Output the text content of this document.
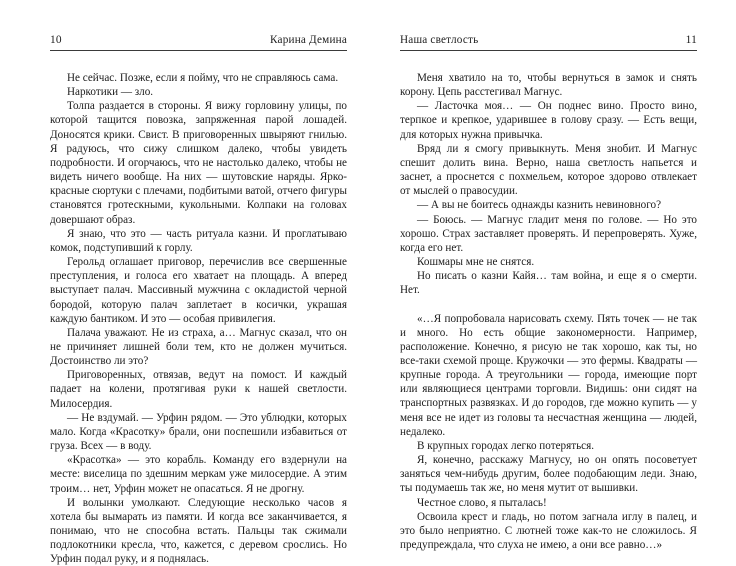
10	Карина Демина

Не сейчас. Позже, если я пойму, что не справляюсь сама.

Наркотики — зло.

Толпа раздается в стороны. Я вижу горловину улицы, по которой тащится повозка, запряженная парой лошадей. Доносятся крики. Свист. В приговоренных швыряют гнилью. Я радуюсь, что сижу слишком далеко, чтобы увидеть подробности. И огорчаюсь, что не настолько далеко, чтобы не видеть ничего вообще. На них — шутовские наряды. Ярко-красные сюртуки с плечами, подбитыми ватой, отчего фигуры становятся гротескными, кукольными. Колпаки на головах довершают образ.

Я знаю, что это — часть ритуала казни. И проглатываю комок, подступивший к горлу.

Герольд оглашает приговор, перечислив все свершенные преступления, и голоса его хватает на площадь. А вперед выступает палач. Массивный мужчина с окладистой черной бородой, которую палач заплетает в косички, украшая каждую бантиком. И это — особая привилегия.

Палача уважают. Не из страха, а… Магнус сказал, что он не причиняет лишней боли тем, кто не должен мучиться. Достоинство ли это?

Приговоренных, отвязав, ведут на помост. И каждый падает на колени, протягивая руки к нашей светлости. Милосердия.

— Не вздумай. — Урфин рядом. — Это ублюдки, которых мало. Когда «Красотку» брали, они поспешили избавиться от груза. Всех — в воду.

«Красотка» — это корабль. Команду его вздернули на месте: виселица по здешним меркам уже милосердие. А этим троим… нет, Урфин может не опасаться. Я не дрогну.

И волынки умолкают. Следующие несколько часов я хотела бы вымарать из памяти. И когда все заканчивается, я понимаю, что не способна встать. Пальцы так сжимали подлокотники кресла, что, кажется, с деревом срослись. Но Урфин подал руку, и я поднялась.

Наша светлость	11

Меня хватило на то, чтобы вернуться в замок и снять корону. Цепь расстегивал Магнус.

— Ласточка моя… — Он поднес вино. Просто вино, терпкое и крепкое, ударившее в голову сразу. — Есть вещи, для которых нужна привычка.

Вряд ли я смогу привыкнуть. Меня знобит. И Магнус спешит долить вина. Верно, наша светлость напьется и заснет, а проснется с похмельем, которое здорово отвлекает от мыслей о правосудии.

— А вы не боитесь однажды казнить невиновного?

— Боюсь. — Магнус гладит меня по голове. — Но это хорошо. Страх заставляет проверять. И перепроверять. Хуже, когда его нет.

Кошмары мне не снятся.

Но писать о казни Кайя… там война, и еще я о смерти. Нет.

«…Я попробовала нарисовать схему. Пять точек — не так и много. Но есть общие закономерности. Например, расположение. Конечно, я рисую не так хорошо, как ты, но все-таки схемой проще. Кружочки — это фермы. Квадраты — крупные города. А треугольники — города, имеющие порт или являющиеся центрами торговли. Видишь: они сидят на транспортных развязках. И до городов, где можно купить — у меня все не идет из головы та несчастная женщина — людей, недалеко.

В крупных городах легко потеряться.

Я, конечно, расскажу Магнусу, но он опять посоветует заняться чем-нибудь другим, более подобающим леди. Знаю, ты подумаешь так же, но меня мутит от вышивки.

Честное слово, я пыталась!

Освоила крест и гладь, но потом загнала иглу в палец, и это было неприятно. С лютней тоже как-то не сложилось. Я предупреждала, что слуха не имею, а они все равно…»
